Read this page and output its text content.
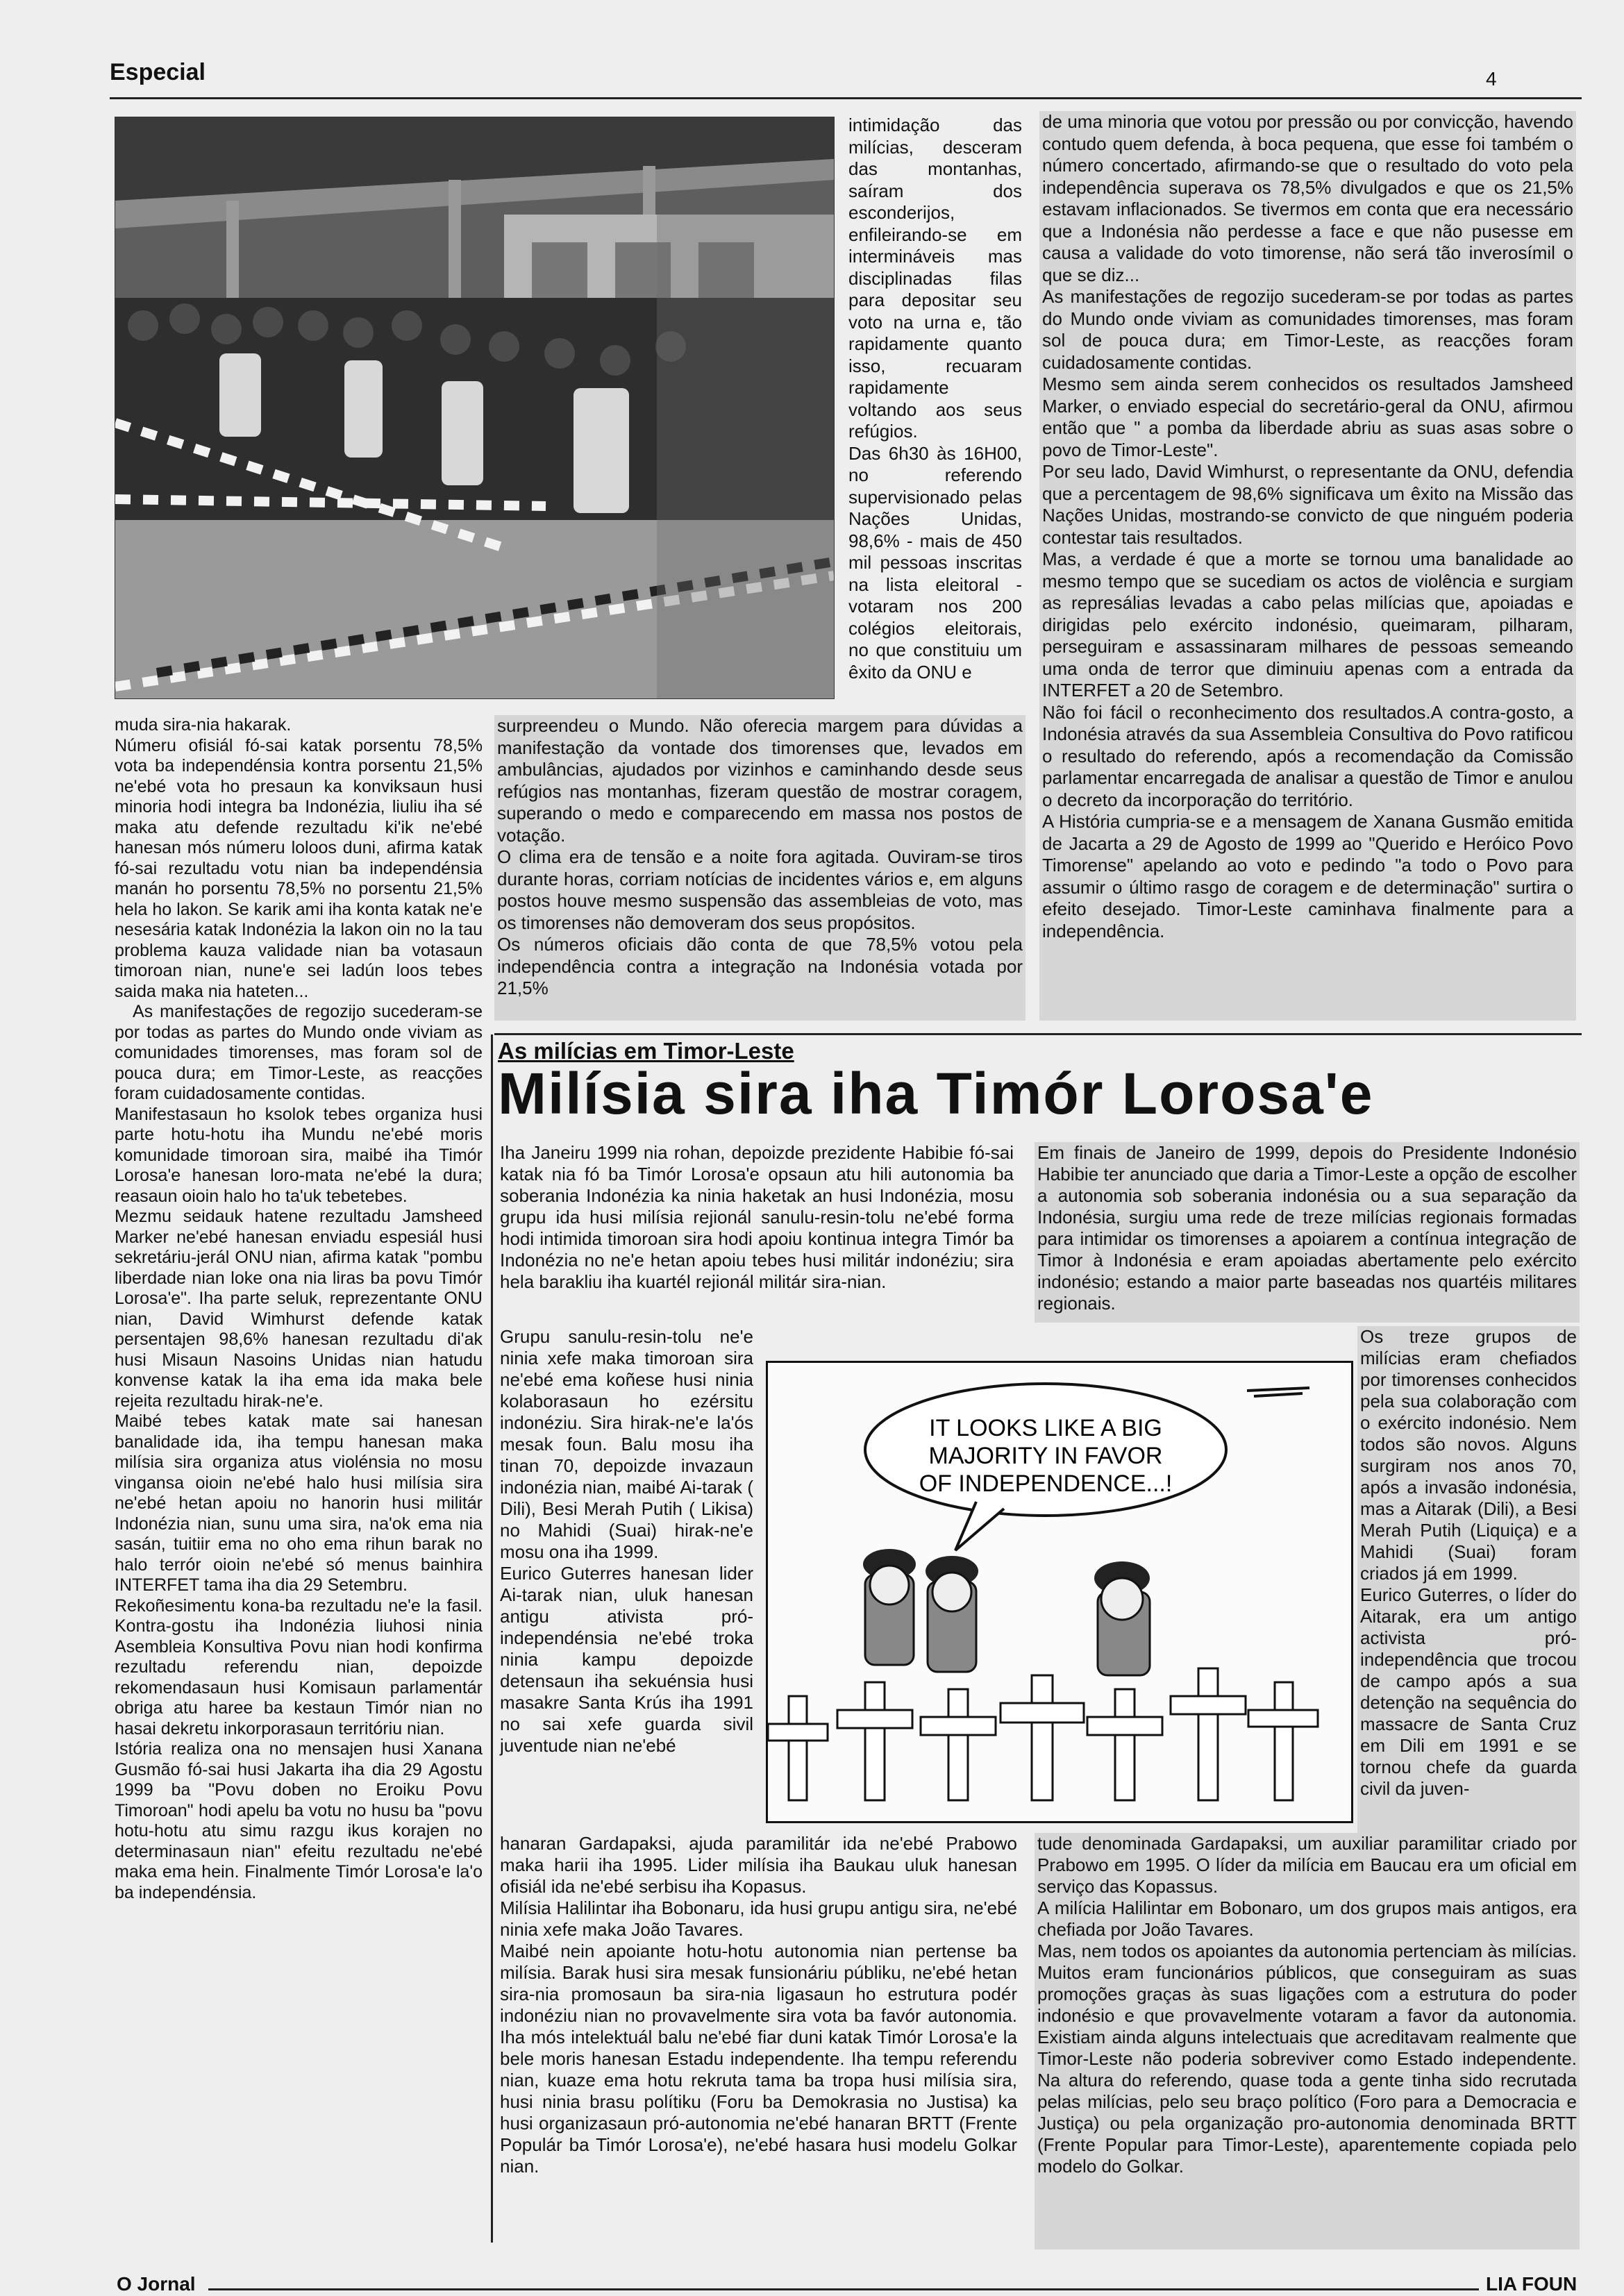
Especial	4

intimidação das milícias, desceram das montanhas, saíram dos esconderijos, enfileirando-se em intermináveis mas disciplinadas filas para depositar seu voto na urna e, tão rapidamente quanto isso, recuaram rapidamente voltando aos seus refúgios.

Das 6h30 às 16H00, no referendo supervisionado pelas Nações Unidas, 98,6% - mais de 450 mil pessoas inscritas na lista eleitoral - votaram nos 200 colégios eleitorais, no que constituiu um êxito da ONU e

de uma minoria que votou por pressão ou por convicção, havendo contudo quem defenda, à boca pequena, que esse foi também o número concertado, afirmando-se que o resultado do voto pela independência superava os 78,5% divulgados e que os 21,5% estavam inflacionados. Se tivermos em conta que era necessário que a Indonésia não perdesse a face e que não pusesse em causa a validade do voto timorense, não será tão inverosímil o que se diz...

As manifestações de regozijo sucederam-se por todas as partes do Mundo onde viviam as comunidades timorenses, mas foram sol de pouca dura; em Timor-Leste, as reacções foram cuidadosamente contidas.

Mesmo sem ainda serem conhecidos os resultados Jamsheed Marker, o enviado especial do secretário-geral da ONU, afirmou então que " a pomba da liberdade abriu as suas asas sobre o povo de Timor-Leste".

Por seu lado, David Wimhurst, o representante da ONU, defendia que a percentagem de 98,6% significava um êxito na Missão das Nações Unidas, mostrando-se convicto de que ninguém poderia contestar tais resultados.

Mas, a verdade é que a morte se tornou uma banalidade ao mesmo tempo que se sucediam os actos de violência e surgiam as represálias levadas a cabo pelas milícias que, apoiadas e dirigidas pelo exército indonésio, queimaram, pilharam, perseguiram e assassinaram milhares de pessoas semeando uma onda de terror que diminuiu apenas com a entrada da INTERFET a 20 de Setembro.

Não foi fácil o reconhecimento dos resultados.A contra-gosto, a Indonésia através da sua Assembleia Consultiva do Povo ratificou o resultado do referendo, após a recomendação da Comissão parlamentar encarregada de analisar a questão de Timor e anulou o decreto da incorporação do território.

A História cumpria-se e a mensagem de Xanana Gusmão emitida de Jacarta a 29 de Agosto de 1999 ao "Querido e Heróico Povo Timorense" apelando ao voto e pedindo "a todo o Povo para assumir o último rasgo de coragem e de determinação" surtira o efeito desejado. Timor-Leste caminhava finalmente para a independência.

surpreendeu o Mundo. Não oferecia margem para dúvidas a manifestação da vontade dos timorenses que, levados em ambulâncias, ajudados por vizinhos e caminhando desde seus refúgios nas montanhas, fizeram questão de mostrar coragem, superando o medo e comparecendo em massa nos postos de votação.

O clima era de tensão e a noite fora agitada. Ouviram-se tiros durante horas, corriam notícias de incidentes vários e, em alguns postos houve mesmo suspensão das assembleias de voto, mas os timorenses não demoveram dos seus propósitos.

Os números oficiais dão conta de que 78,5% votou pela independência contra a integração na Indonésia votada por 21,5%

muda sira-nia hakarak.

Númeru ofisiál fó-sai katak porsentu 78,5% vota ba independénsia kontra porsentu 21,5% ne'ebé vota ho presaun ka konviksaun husi minoria hodi integra ba Indonézia, liuliu iha sé maka atu defende rezultadu ki'ik ne'ebé hanesan mós númeru loloos duni, afirma katak fó-sai rezultadu votu nian ba independénsia manán ho porsentu 78,5% no porsentu 21,5% hela ho lakon. Se karik ami iha konta katak ne'e nesesária katak Indonézia la lakon oin no la tau problema kauza validade nian ba votasaun timoroan nian, nune'e sei ladún loos tebes saida maka nia hateten...

As manifestações de regozijo sucederam-se por todas as partes do Mundo onde viviam as comunidades timorenses, mas foram sol de pouca dura; em Timor-Leste, as reacções foram cuidadosamente contidas.

Manifestasaun ho ksolok tebes organiza husi parte hotu-hotu iha Mundu ne'ebé moris komunidade timoroan sira, maibé iha Timór Lorosa'e hanesan loro-mata ne'ebé la dura; reasaun oioin halo ho ta'uk tebetebes.

Mezmu seidauk hatene rezultadu Jamsheed Marker ne'ebé hanesan enviadu espesiál husi sekretáriu-jerál ONU nian, afirma katak "pombu liberdade nian loke ona nia liras ba povu Timór Lorosa'e". Iha parte seluk, reprezentante ONU nian, David Wimhurst defende katak persentajen 98,6% hanesan rezultadu di'ak husi Misaun Nasoins Unidas nian hatudu konvense katak la iha ema ida maka bele rejeita rezultadu hirak-ne'e.

Maibé tebes katak mate sai hanesan banalidade ida, iha tempu hanesan maka milísia sira organiza atus violénsia no mosu vingansa oioin ne'ebé halo husi milísia sira ne'ebé hetan apoiu no hanorin husi militár Indonézia nian, sunu uma sira, na'ok ema nia sasán, tuitiir ema no oho ema rihun barak no halo terrór oioin ne'ebé só menus bainhira INTERFET tama iha dia 29 Setembru.

Rekoñesimentu kona-ba rezultadu ne'e la fasil. Kontra-gostu iha Indonézia liuhosi ninia Asembleia Konsultiva Povu nian hodi konfirma rezultadu referendu nian, depoizde rekomendasaun husi Komisaun parlamentár obriga atu haree ba kestaun Timór nian no hasai dekretu inkorporasaun territóriu nian.

Istória realiza ona no mensajen husi Xanana Gusmão fó-sai husi Jakarta iha dia 29 Agostu 1999 ba "Povu doben no Eroiku Povu Timoroan" hodi apelu ba votu no husu ba "povu hotu-hotu atu simu razgu ikus korajen no determinasaun nian" efeitu rezultadu ne'ebé maka ema hein. Finalmente Timór Lorosa'e la'o ba independénsia.

As milícias em Timor-Leste
Milísia sira iha Timór Lorosa'e

Iha Janeiru 1999 nia rohan, depoizde prezidente Habibie fó-sai katak nia fó ba Timór Lorosa'e opsaun atu hili autonomia ba soberania Indonézia ka ninia haketak an husi Indonézia, mosu grupu ida husi milísia rejionál sanulu-resin-tolu ne'ebé forma hodi intimida timoroan sira hodi apoiu kontinua integra Timór ba Indonézia no ne'e hetan apoiu tebes husi militár indonéziu; sira hela barakliu iha kuartél rejionál militár sira-nian.

Em finais de Janeiro de 1999, depois do Presidente Indonésio Habibie ter anunciado que daria a Timor-Leste a opção de escolher a autonomia sob soberania indonésia ou a sua separação da Indonésia, surgiu uma rede de treze milícias regionais formadas para intimidar os timorenses a apoiarem a contínua integração de Timor à Indonésia e eram apoiadas abertamente pelo exército indonésio; estando a maior parte baseadas nos quartéis militares regionais.

Grupu sanulu-resin-tolu ne'e ninia xefe maka timoroan sira ne'ebé ema koñese husi ninia kolaborasaun ho ezérsitu indonéziu. Sira hirak-ne'e la'ós mesak foun. Balu mosu iha tinan 70, depoizde invazaun indonézia nian, maibé Ai-tarak ( Dili), Besi Merah Putih ( Likisa) no Mahidi (Suai) hirak-ne'e mosu ona iha 1999.

Eurico Guterres hanesan lider Ai-tarak nian, uluk hanesan antigu ativista pró-independénsia ne'ebé troka ninia kampu depoizde detensaun iha sekuénsia husi masakre Santa Krús iha 1991 no sai xefe guarda sivil juventude nian ne'ebé

IT LOOKS LIKE A BIG
MAJORITY IN FAVOR
OF INDEPENDENCE...!

Os treze grupos de milícias eram chefiados por timorenses conhecidos pela sua colaboração com o exército indonésio. Nem todos são novos. Alguns surgiram nos anos 70, após a invasão indonésia, mas a Aitarak (Dili), a Besi Merah Putih (Liquiça) e a Mahidi (Suai) foram criados já em 1999.

Eurico Guterres, o líder do Aitarak, era um antigo activista pró-independência que trocou de campo após a sua detenção na sequência do massacre de Santa Cruz em Dili em 1991 e se tornou chefe da guarda civil da juven-

hanaran Gardapaksi, ajuda paramilitár ida ne'ebé Prabowo maka harii iha 1995. Lider milísia iha Baukau uluk hanesan ofisiál ida ne'ebé serbisu iha Kopasus.

Milísia Halilintar iha Bobonaru, ida husi grupu antigu sira, ne'ebé ninia xefe maka João Tavares.

Maibé nein apoiante hotu-hotu autonomia nian pertense ba milísia. Barak husi sira mesak funsionáriu públiku, ne'ebé hetan sira-nia promosaun ba sira-nia ligasaun ho estrutura podér indonéziu nian no provavelmente sira vota ba favór autonomia. Iha mós intelektuál balu ne'ebé fiar duni katak Timór Lorosa'e la bele moris hanesan Estadu independente. Iha tempu referendu nian, kuaze ema hotu rekruta tama ba tropa husi milísia sira, husi ninia brasu polítiku (Foru ba Demokrasia no Justisa) ka husi organizasaun pró-autonomia ne'ebé hanaran BRTT (Frente Populár ba Timór Lorosa'e), ne'ebé hasara husi modelu Golkar nian.

tude denominada Gardapaksi, um auxiliar paramilitar criado por Prabowo em 1995. O líder da milícia em Baucau era um oficial em serviço das Kopassus.

A milícia Halilintar em Bobonaro, um dos grupos mais antigos, era chefiada por João Tavares.

Mas, nem todos os apoiantes da autonomia pertenciam às milícias. Muitos eram funcionários públicos, que conseguiram as suas promoções graças às suas ligações com a estrutura do poder indonésio e que provavelmente votaram a favor da autonomia. Existiam ainda alguns intelectuais que acreditavam realmente que Timor-Leste não poderia sobreviver como Estado independente. Na altura do referendo, quase toda a gente tinha sido recrutada pelas milícias, pelo seu braço político (Foro para a Democracia e Justiça) ou pela organização pro-autonomia denominada BRTT (Frente Popular para Timor-Leste), aparentemente copiada pelo modelo do Golkar.

O Jornal	LIA FOUN
